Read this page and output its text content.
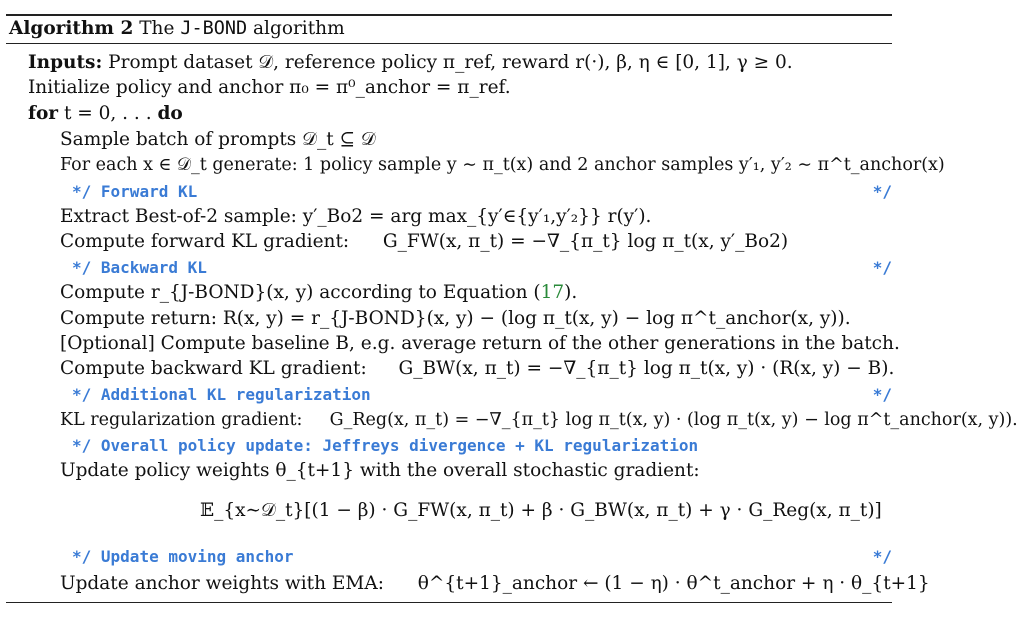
Algorithm 2 The J-BOND algorithm
Inputs: Prompt dataset 𝒟, reference policy π_ref, reward r(·), β, η ∈ [0, 1], γ ≥ 0.
Initialize policy and anchor π₀ = π⁰_anchor = π_ref.
for t = 0, . . . do
Sample batch of prompts 𝒟_t ⊆ 𝒟
For each x ∈ 𝒟_t generate: 1 policy sample y ∼ π_t(x) and 2 anchor samples y′₁, y′₂ ∼ π^t_anchor(x)
*/ Forward KL	*/
Extract Best-of-2 sample: y′_Bo2 = arg max_{y′∈{y′₁,y′₂}} r(y′).
Compute forward KL gradient: G_FW(x, π_t) = −∇_{π_t} log π_t(x, y′_Bo2)
*/ Backward KL	*/
Compute r_{J-BOND}(x, y) according to Equation (17).
Compute return: R(x, y) = r_{J-BOND}(x, y) − (log π_t(x, y) − log π^t_anchor(x, y)).
[Optional] Compute baseline B, e.g. average return of the other generations in the batch.
Compute backward KL gradient: G_BW(x, π_t) = −∇_{π_t} log π_t(x, y) · (R(x, y) − B).
*/ Additional KL regularization	*/
KL regularization gradient: G_Reg(x, π_t) = −∇_{π_t} log π_t(x, y) · (log π_t(x, y) − log π^t_anchor(x, y)).
*/ Overall policy update: Jeffreys divergence + KL regularization
Update policy weights θ_{t+1} with the overall stochastic gradient:
𝔼_{x∼𝒟_t}[(1 − β) · G_FW(x, π_t) + β · G_BW(x, π_t) + γ · G_Reg(x, π_t)]
*/ Update moving anchor	*/
Update anchor weights with EMA: θ^{t+1}_anchor ← (1 − η) · θ^t_anchor + η · θ_{t+1}
